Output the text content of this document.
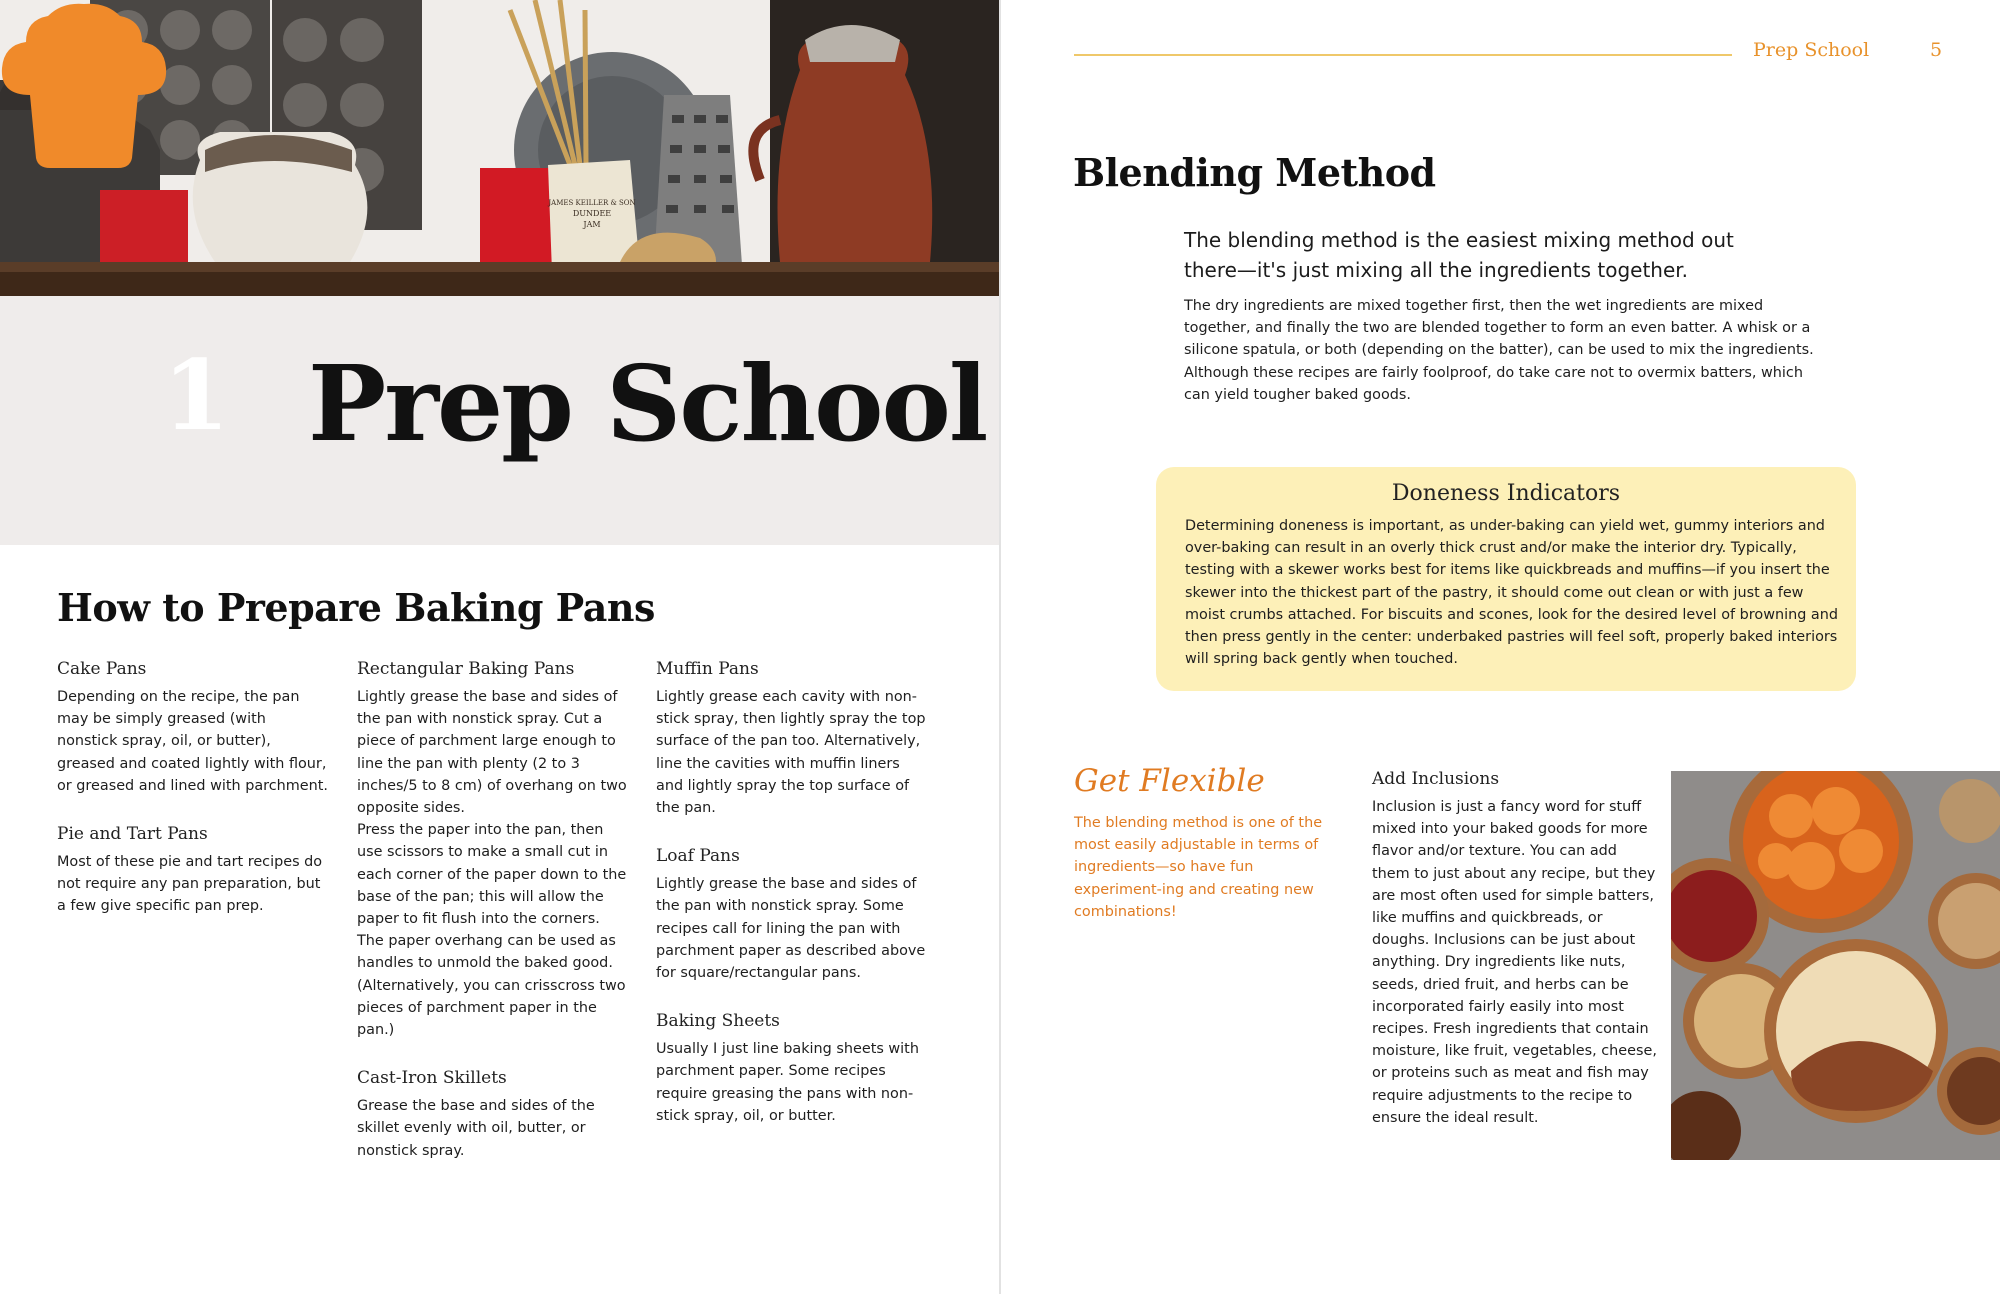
JAMES KEILLER & SON
DUNDEE
JAM
1 Prep School
How to Prepare Baking Pans

Cake Pans

Depending on the recipe, the pan may be simply greased (with nonstick spray, oil, or butter), greased and coated lightly with flour, or greased and lined with parchment.

Pie and Tart Pans

Most of these pie and tart recipes do not require any pan preparation, but a few give specific pan prep.

Rectangular Baking Pans

Lightly grease the base and sides of the pan with nonstick spray. Cut a piece of parchment large enough to line the pan with plenty (2 to 3 inches/5 to 8 cm) of overhang on two opposite sides.

Press the paper into the pan, then use scissors to make a small cut in each corner of the paper down to the base of the pan; this will allow the paper to fit flush into the corners. The paper overhang can be used as handles to unmold the baked good. (Alternatively, you can crisscross two pieces of parchment paper in the pan.)

Cast-Iron Skillets

Grease the base and sides of the skillet evenly with oil, butter, or nonstick spray.

Muffin Pans

Lightly grease each cavity with non-stick spray, then lightly spray the top surface of the pan too. Alternatively, line the cavities with muffin liners and lightly spray the top surface of the pan.

Loaf Pans

Lightly grease the base and sides of the pan with nonstick spray. Some recipes call for lining the pan with parchment paper as described above for square/rectangular pans.

Baking Sheets

Usually I just line baking sheets with parchment paper. Some recipes require greasing the pans with non-stick spray, oil, or butter.

Prep School	5
Blending Method

The blending method is the easiest mixing method out there—it's just mixing all the ingredients together.

The dry ingredients are mixed together first, then the wet ingredients are mixed together, and finally the two are blended together to form an even batter. A whisk or a silicone spatula, or both (depending on the batter), can be used to mix the ingredients. Although these recipes are fairly foolproof, do take care not to overmix batters, which can yield tougher baked goods.

Doneness Indicators

Determining doneness is important, as under-baking can yield wet, gummy interiors and over-baking can result in an overly thick crust and/or make the interior dry. Typically, testing with a skewer works best for items like quickbreads and muffins—if you insert the skewer into the thickest part of the pastry, it should come out clean or with just a few moist crumbs attached. For biscuits and scones, look for the desired level of browning and then press gently in the center: underbaked pastries will feel soft, properly baked interiors will spring back gently when touched.

Get Flexible

The blending method is one of the most easily adjustable in terms of ingredients—so have fun experiment-ing and creating new combinations!

Add Inclusions

Inclusion is just a fancy word for stuff mixed into your baked goods for more flavor and/or texture. You can add them to just about any recipe, but they are most often used for simple batters, like muffins and quickbreads, or doughs. Inclusions can be just about anything. Dry ingredients like nuts, seeds, dried fruit, and herbs can be incorporated fairly easily into most recipes. Fresh ingredients that contain moisture, like fruit, vegetables, cheese, or proteins such as meat and fish may require adjustments to the recipe to ensure the ideal result.
